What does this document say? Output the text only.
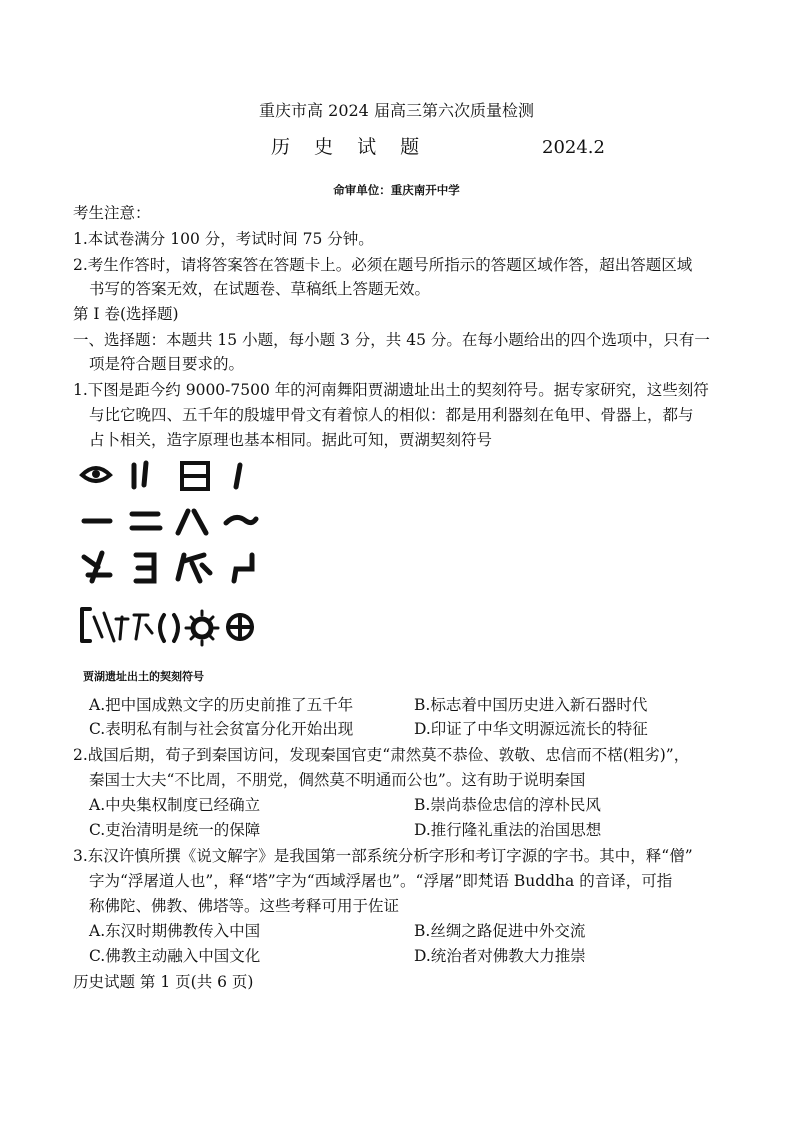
重庆市高 2024 届高三第六次质量检测
历 史 试 题	2024.2
命审单位：重庆南开中学
考生注意：
1.本试卷满分 100 分，考试时间 75 分钟。
2.考生作答时，请将答案答在答题卡上。必须在题号所指示的答题区域作答，超出答题区域
书写的答案无效，在试题卷、草稿纸上答题无效。
第 I 卷(选择题)
一、选择题：本题共 15 小题，每小题 3 分，共 45 分。在每小题给出的四个选项中，只有一
项是符合题目要求的。
1.下图是距今约 9000-7500 年的河南舞阳贾湖遗址出土的契刻符号。据专家研究，这些刻符
与比它晚四、五千年的殷墟甲骨文有着惊人的相似：都是用利器刻在龟甲、骨器上，都与
占卜相关，造字原理也基本相同。据此可知，贾湖契刻符号
贾湖遗址出土的契刻符号
A.把中国成熟文字的历史前推了五千年	B.标志着中国历史进入新石器时代
C.表明私有制与社会贫富分化开始出现	D.印证了中华文明源远流长的特征
2.战国后期，荀子到秦国访问，发现秦国官吏“肃然莫不恭俭、敦敬、忠信而不楛(粗劣)”，
秦国士大夫“不比周，不朋党，倜然莫不明通而公也”。这有助于说明秦国
A.中央集权制度已经确立	B.崇尚恭俭忠信的淳朴民风
C.吏治清明是统一的保障	D.推行隆礼重法的治国思想
3.东汉许慎所撰《说文解字》是我国第一部系统分析字形和考订字源的字书。其中，释“僧”
字为“浮屠道人也”，释“塔”字为“西域浮屠也”。“浮屠”即梵语 Buddha 的音译，可指
称佛陀、佛教、佛塔等。这些考释可用于佐证
A.东汉时期佛教传入中国	B.丝绸之路促进中外交流
C.佛教主动融入中国文化	D.统治者对佛教大力推崇
历史试题 第 1 页(共 6 页)
